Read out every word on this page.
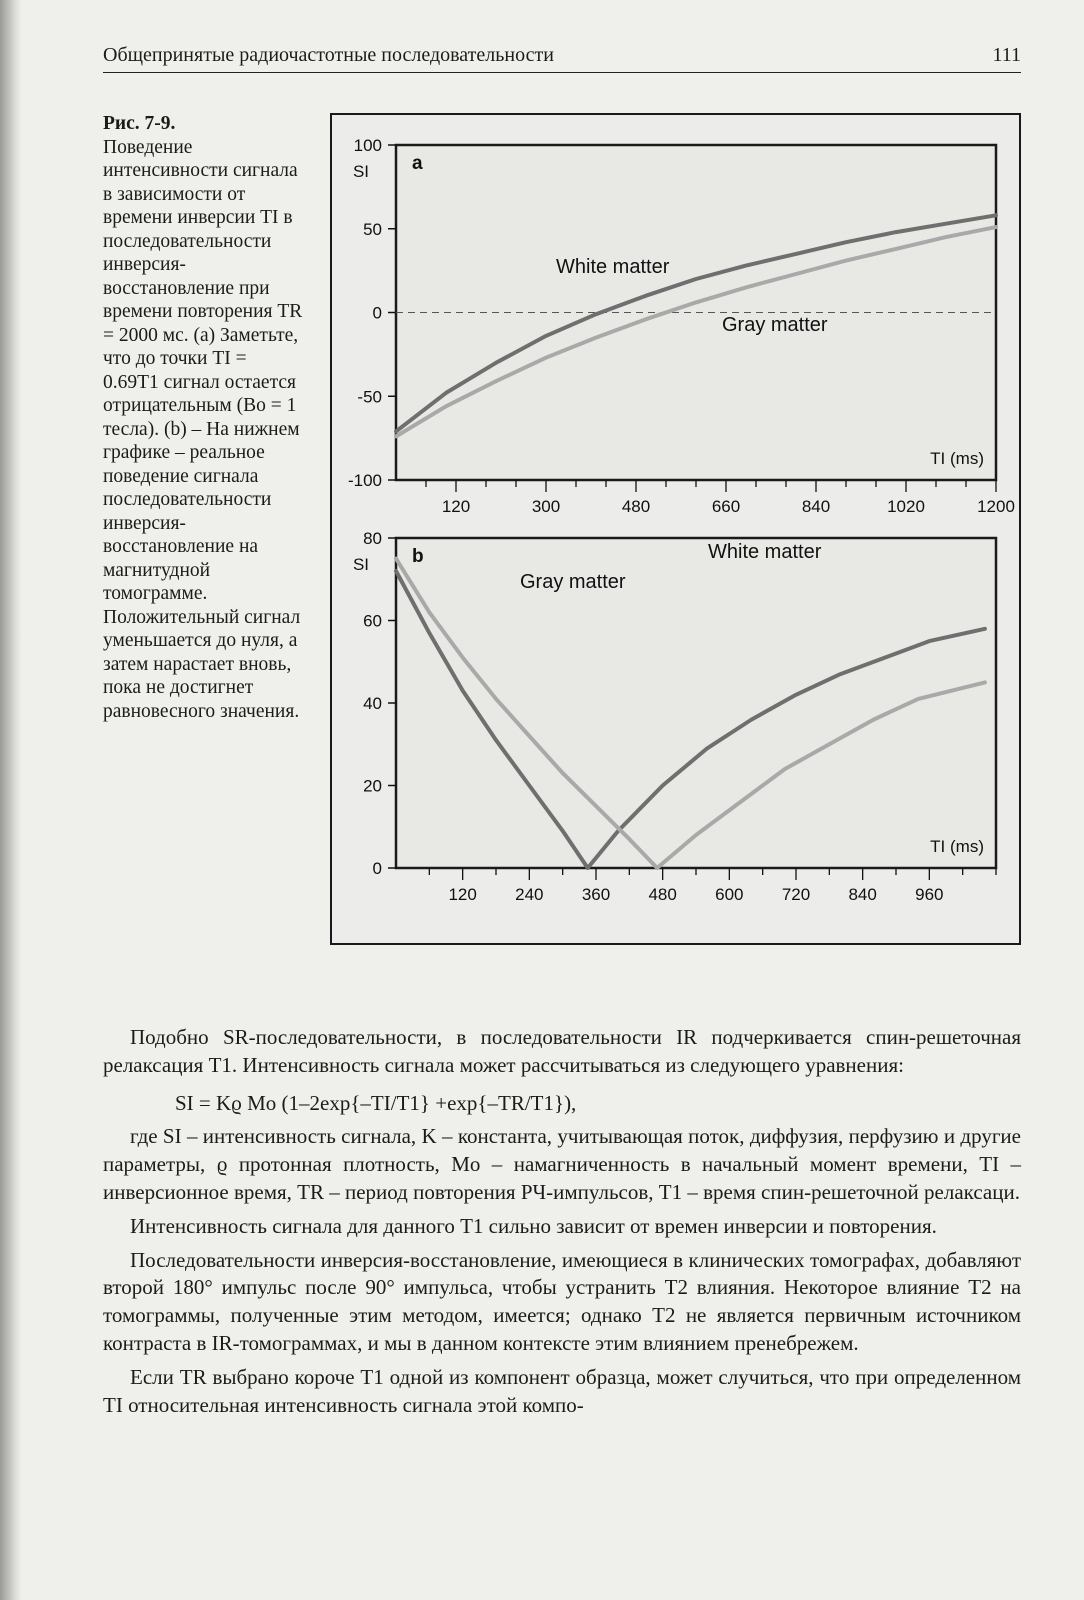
Общепринятые радиочастотные последовательности	111
Рис. 7-9.
Поведение интенсивности сигнала в зависимости от времени инверсии TI в последовательности инверсия-восстановление при времени повторения TR = 2000 мс. (a) Заметьте, что до точки TI = 0.69T1 сигнал остается отрицательным (Bo = 1 тесла). (b) – На нижнем графике – реальное поведение сигнала последовательности инверсия-восстановление на магнитудной томограмме. Положительный сигнал уменьшается до нуля, а затем нарастает вновь, пока не достигнет равновесного значения.
100
50
0
-50
-100
SI
120	300	480	660	840	1020	1200
TI (ms)
a
White matter
Gray matter
80
60
40
20
0
SI
120 240 360 480 600 720 840 960
TI (ms)
b	White matter
Gray matter

Подобно SR-последовательности, в последовательности IR подчеркивается спин-решеточная релаксация T1. Интенсивность сигнала может рассчитываться из следующего уравнения:

SI = Kϱ Mo (1–2exp{–TI/T1} +exp{–TR/T1}),

где SI – интенсивность сигнала, K – константа, учитывающая поток, диффузия, перфузию и другие параметры, ϱ протонная плотность, Mo – намагниченность в начальный момент времени, TI – инверсионное время, TR – период повторения РЧ-импульсов, T1 – время спин-решеточной релаксаци.

Интенсивность сигнала для данного T1 сильно зависит от времен инверсии и повторения.

Последовательности инверсия-восстановление, имеющиеся в клинических томографах, добавляют второй 180° импульс после 90° импульса, чтобы устранить T2 влияния. Некоторое влияние T2 на томограммы, полученные этим методом, имеется; однако T2 не является первичным источником контраста в IR-томограммах, и мы в данном контексте этим влиянием пренебрежем.

Если TR выбрано короче T1 одной из компонент образца, может случиться, что при определенном TI относительная интенсивность сигнала этой компо-
